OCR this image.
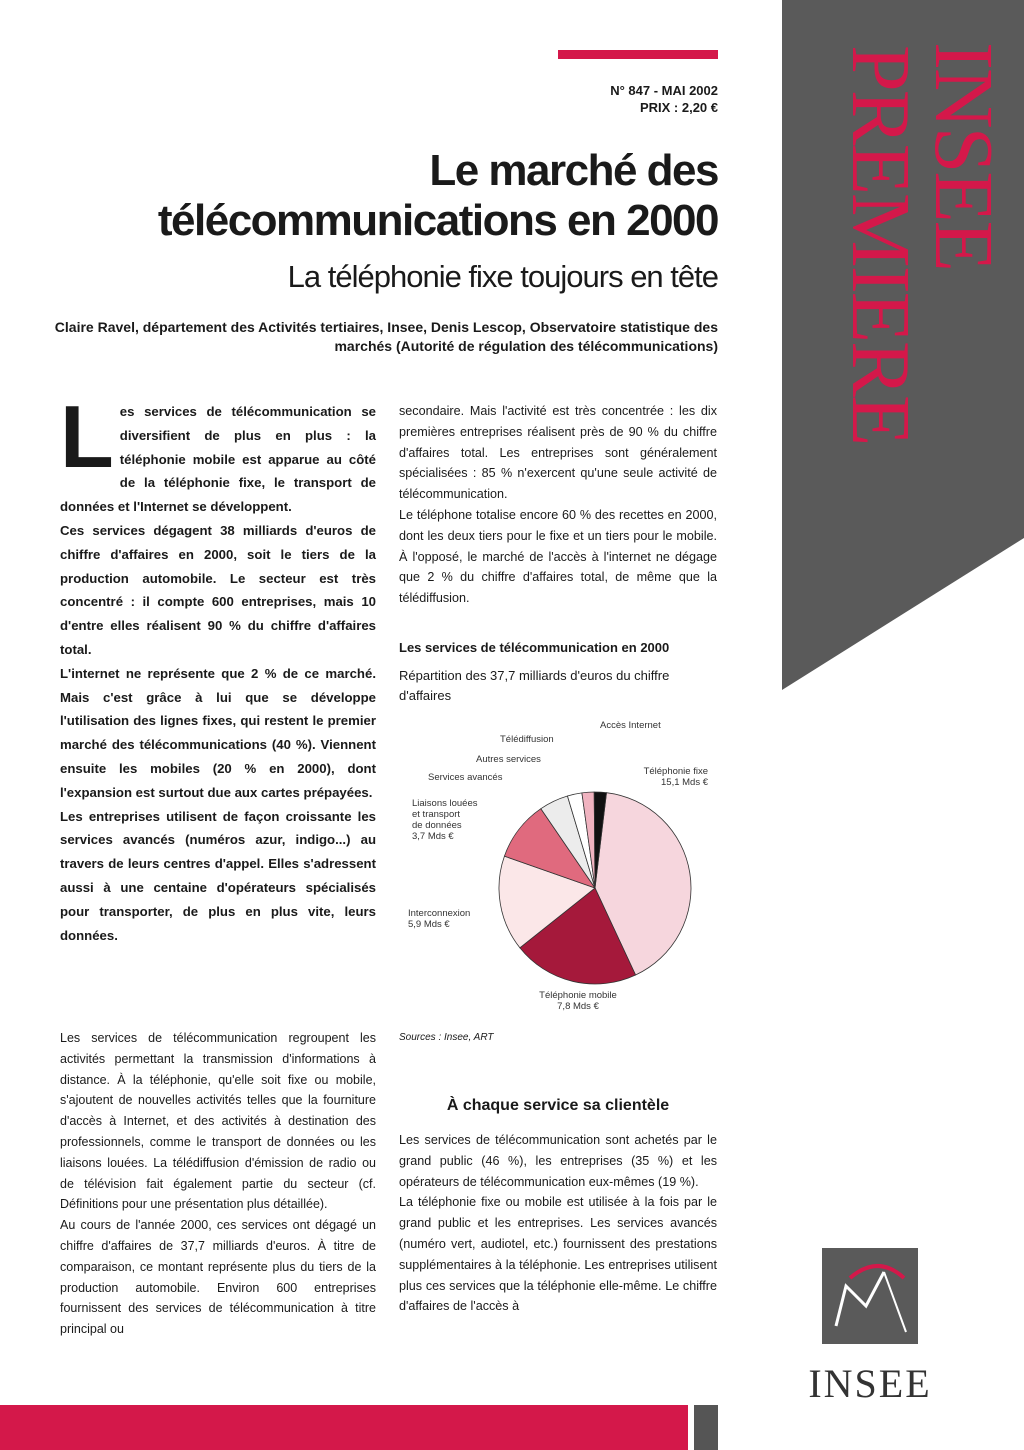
INSEE
PREMIERE
N° 847 - MAI 2002
PRIX : 2,20 €
Le marché des télécommunications en 2000
La téléphonie fixe toujours en tête
Claire Ravel, département des Activités tertiaires, Insee, Denis Lescop, Observatoire statistique des marchés (Autorité de régulation des télécommunications)
L es services de télécommunication se diversifient de plus en plus : la téléphonie mobile est apparue au côté de la téléphonie fixe, le transport de données et l'Internet se développent.

Ces services dégagent 38 milliards d'euros de chiffre d'affaires en 2000, soit le tiers de la production automobile. Le secteur est très concentré : il compte 600 entreprises, mais 10 d'entre elles réalisent 90 % du chiffre d'affaires total.

L'internet ne représente que 2 % de ce marché. Mais c'est grâce à lui que se développe l'utilisation des lignes fixes, qui restent le premier marché des télécommunications (40 %). Viennent ensuite les mobiles (20 % en 2000), dont l'expansion est surtout due aux cartes prépayées.

Les entreprises utilisent de façon croissante les services avancés (numéros azur, indigo...) au travers de leurs centres d'appel. Elles s'adressent aussi à une centaine d'opérateurs spécialisés pour transporter, de plus en plus vite, leurs données.

secondaire. Mais l'activité est très concentrée : les dix premières entreprises réalisent près de 90 % du chiffre d'affaires total. Les entreprises sont généralement spécialisées : 85 % n'exercent qu'une seule activité de télécommunication.

Le téléphone totalise encore 60 % des recettes en 2000, dont les deux tiers pour le fixe et un tiers pour le mobile. À l'opposé, le marché de l'accès à l'internet ne dégage que 2 % du chiffre d'affaires total, de même que la télédiffusion.

Les services de télécommunication en 2000
Répartition des 37,7 milliards d'euros du chiffre d'affaires
Téléphonie fixe 15,1 Mds €
Téléphonie mobile 7,8 Mds €
Interconnexion 5,9 Mds €
Liaisons louées et transport de données 3,7 Mds €
Services avancés
Autres services
Télédiffusion
Accès Internet
Sources : Insee, ART

Les services de télécommunication regroupent les activités permettant la transmission d'informations à distance. À la téléphonie, qu'elle soit fixe ou mobile, s'ajoutent de nouvelles activités telles que la fourniture d'accès à Internet, et des activités à destination des professionnels, comme le transport de données ou les liaisons louées. La télédiffusion d'émission de radio ou de télévision fait également partie du secteur (cf. Définitions pour une présentation plus détaillée).

Au cours de l'année 2000, ces services ont dégagé un chiffre d'affaires de 37,7 milliards d'euros. À titre de comparaison, ce montant représente plus du tiers de la production automobile. Environ 600 entreprises fournissent des services de télécommunication à titre principal ou

À chaque service sa clientèle

Les services de télécommunication sont achetés par le grand public (46 %), les entreprises (35 %) et les opérateurs de télécommunication eux-mêmes (19 %).

La téléphonie fixe ou mobile est utilisée à la fois par le grand public et les entreprises. Les services avancés (numéro vert, audiotel, etc.) fournissent des prestations supplémentaires à la téléphonie. Les entreprises utilisent plus ces services que la téléphonie elle-même. Le chiffre d'affaires de l'accès à

INSEE
